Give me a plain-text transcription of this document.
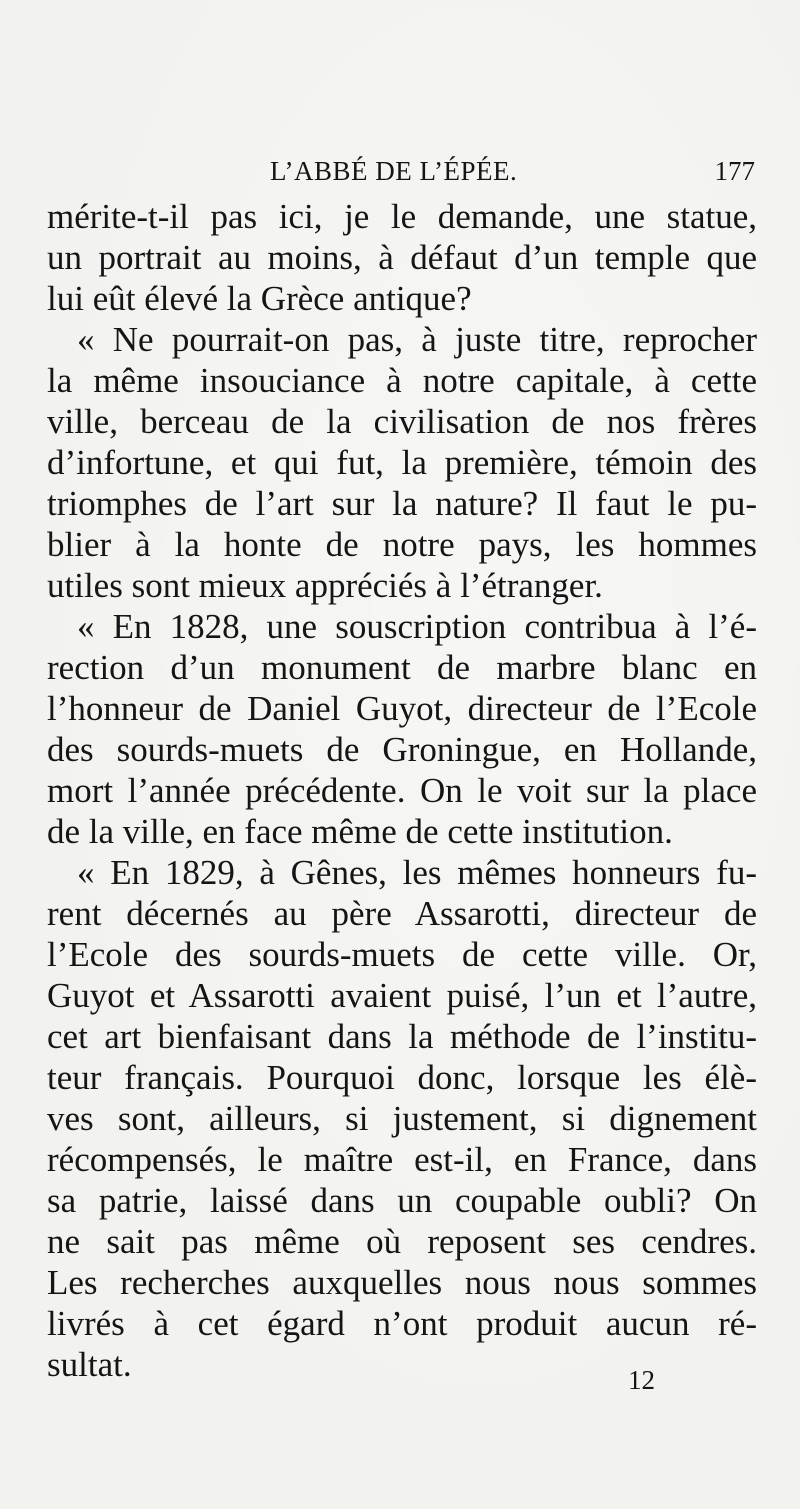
L’ABBÉ DE L’ÉPÉE.	177
mérite-t-il pas ici, je le demande, une statue,
un portrait au moins, à défaut d’un temple que
lui eût élevé la Grèce antique?
« Ne pourrait-on pas, à juste titre, reprocher
la même insouciance à notre capitale, à cette
ville, berceau de la civilisation de nos frères
d’infortune, et qui fut, la première, témoin des
triomphes de l’art sur la nature? Il faut le pu-
blier à la honte de notre pays, les hommes
utiles sont mieux appréciés à l’étranger.
« En 1828, une souscription contribua à l’é-
rection d’un monument de marbre blanc en
l’honneur de Daniel Guyot, directeur de l’Ecole
des sourds-muets de Groningue, en Hollande,
mort l’année précédente. On le voit sur la place
de la ville, en face même de cette institution.
« En 1829, à Gênes, les mêmes honneurs fu-
rent décernés au père Assarotti, directeur de
l’Ecole des sourds-muets de cette ville. Or,
Guyot et Assarotti avaient puisé, l’un et l’autre,
cet art bienfaisant dans la méthode de l’institu-
teur français. Pourquoi donc, lorsque les élè-
ves sont, ailleurs, si justement, si dignement
récompensés, le maître est-il, en France, dans
sa patrie, laissé dans un coupable oubli? On
ne sait pas même où reposent ses cendres.
Les recherches auxquelles nous nous sommes
livrés à cet égard n’ont produit aucun ré-
sultat.	12
